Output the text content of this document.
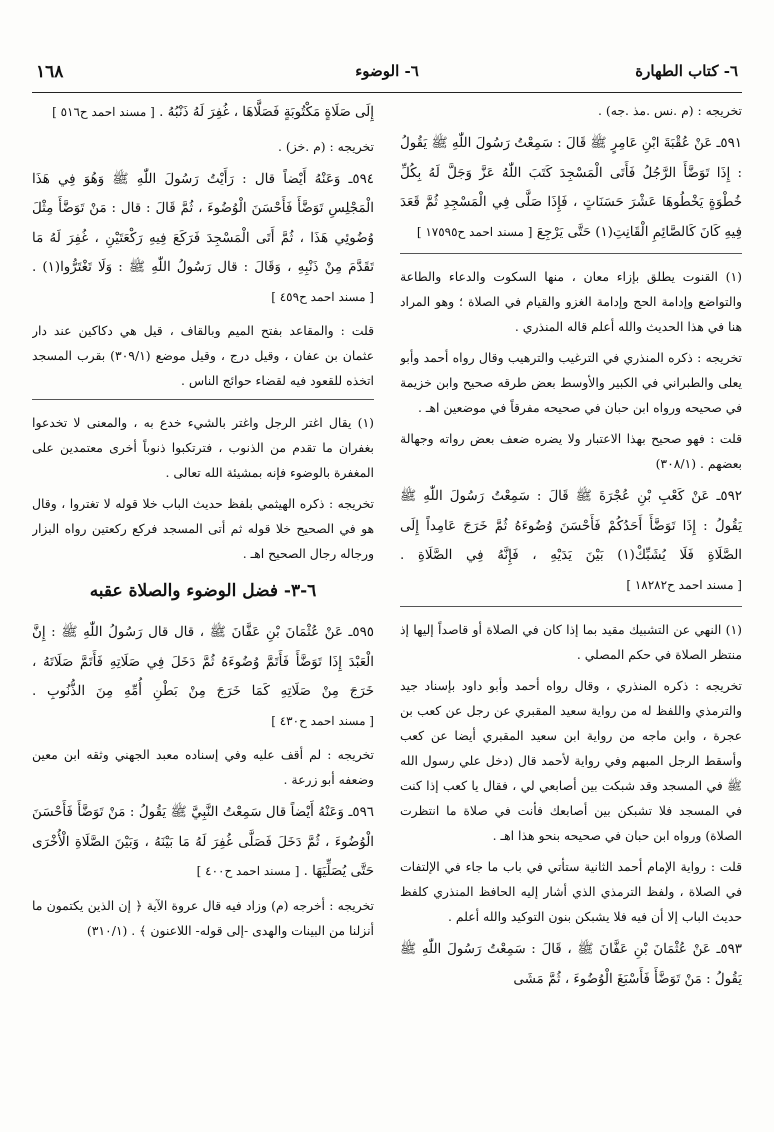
٦- كتاب الطهارة
٦- الوضوء
١٦٨

تخريجه : (م .نس .مذ .جه) .

٥٩١ـ عَنْ عُقْبَةَ ابْنِ عَامِرٍ ﷺ قَالَ : سَمِعْتُ رَسُولَ اللّٰهِ ﷺ يَقُولُ : إِذَا تَوَضَّأَ الرَّجُلُ فَأَتَى الْمَسْجِدَ كَتَبَ اللّٰهُ عَزَّ وَجَلَّ لَهُ بِكُلِّ خُطْوَةٍ يَخْطُوهَا عَشْرَ حَسَنَاتٍ ، فَإِذَا صَلَّى فِي الْمَسْجِدِ ثُمَّ قَعَدَ فِيهِ كَانَ كَالصَّائِمِ الْقَانِتِ(١) حَتَّى يَرْجِعَ [ مسند احمد ح١٧٥٩٥ ]

(١) القنوت يطلق بإزاء معان ، منها السكوت والدعاء والطاعة والتواضع وإدامة الحج وإدامة الغزو والقيام في الصلاة ؛ وهو المراد هنا في هذا الحديث والله أعلم قاله المنذري .

تخريجه : ذكره المنذري في الترغيب والترهيب وقال رواه أحمد وأبو يعلى والطبراني في الكبير والأوسط بعض طرقه صحيح وابن خزيمة في صحيحه ورواه ابن حبان في صحيحه مفرقاً في موضعين اهـ .

قلت : فهو صحيح بهذا الاعتبار ولا يضره ضعف بعض رواته وجهالة بعضهم . (٣٠٨/١)

٥٩٢ـ عَنْ كَعْبِ بْنِ عُجْرَةَ ﷺ قَالَ : سَمِعْتُ رَسُولَ اللّٰهِ ﷺ يَقُولُ : إِذَا تَوَضَّأَ أَحَدُكُمْ فَأَحْسَنَ وُضُوءَهُ ثُمَّ خَرَجَ عَامِداً إِلَى الصَّلَاةِ فَلَا يُشَبِّكْ(١) بَيْنَ يَدَيْهِ ، فَإِنَّهُ فِي الصَّلَاةِ . [ مسند احمد ح١٨٢٨٢ ]

(١) النهي عن التشبيك مقيد بما إذا كان في الصلاة أو قاصداً إليها إذ منتظر الصلاة في حكم المصلي .

تخريجه : ذكره المنذري ، وقال رواه أحمد وأبو داود بإسناد جيد والترمذي واللفظ له من رواية سعيد المقبري عن رجل عن كعب بن عجرة ، وابن ماجه من رواية ابن سعيد المقبري أيضا عن كعب وأسقط الرجل المبهم وفي رواية لأحمد قال (دخل علي رسول الله ﷺ في المسجد وقد شبكت بين أصابعي لي ، فقال يا كعب إذا كنت في المسجد فلا تشبكن بين أصابعك فأنت في صلاة ما انتظرت الصلاة) ورواه ابن حبان في صحيحه بنحو هذا اهـ .

قلت : رواية الإمام أحمد الثانية ستأتي في باب ما جاء في الإلتفات في الصلاة ، ولفظ الترمذي الذي أشار إليه الحافظ المنذري كلفظ حديث الباب إلا أن فيه فلا يشبكن بنون التوكيد والله أعلم .

٥٩٣ـ عَنْ عُثْمَانَ بْنِ عَفَّانَ ﷺ ، قَالَ : سَمِعْتُ رَسُولَ اللّٰهِ ﷺ يَقُولُ : مَنْ تَوَضَّأَ فَأَسْبَغَ الْوُضُوءَ ، ثُمَّ مَشَى

إِلَى صَلَاةٍ مَكْتُوبَةٍ فَصَلَّاهَا ، غُفِرَ لَهُ ذَنْبُهُ . [ مسند احمد ح٥١٦ ]

تخريجه : (م .خز) .

٥٩٤ـ وَعَنْهُ أَيْضاً قال : رَأَيْتُ رَسُولَ اللّٰهِ ﷺ وَهُوَ فِي هَذَا الْمَجْلِسِ تَوَضَّأَ فَأَحْسَنَ الْوُضُوءَ ، ثُمَّ قَالَ : قال : مَنْ تَوَضَّأَ مِثْلَ وُضُوئِي هَذَا ، ثُمَّ أَتَى الْمَسْجِدَ فَرَكَعَ فِيهِ رَكْعَتَيْنِ ، غُفِرَ لَهُ مَا تَقَدَّمَ مِنْ ذَنْبِهِ ، وَقَالَ : قال رَسُولُ اللّٰهِ ﷺ : وَلَا تَغْتَرُّوا(١) . [ مسند احمد ح٤٥٩ ]

قلت : والمقاعد بفتح الميم وبالقاف ، قيل هي دكاكين عند دار عثمان بن عفان ، وقيل درج ، وقيل موضع (٣٠٩/١) بقرب المسجد اتخذه للقعود فيه لقضاء حوائج الناس .

(١) يقال اغتر الرجل واغتر بالشيء خدع به ، والمعنى لا تخدعوا بغفران ما تقدم من الذنوب ، فترتكبوا ذنوباً أخرى معتمدين على المغفرة بالوضوء فإنه بمشيئة الله تعالى .

تخريجه : ذكره الهيثمي بلفظ حديث الباب خلا قوله لا تغتروا ، وقال هو في الصحيح خلا قوله ثم أتى المسجد فركع ركعتين رواه البزار ورجاله رجال الصحيح اهـ .

٦-٣- فضل الوضوء والصلاة عقبه

٥٩٥ـ عَنْ عُثْمَانَ بْنِ عَفَّانَ ﷺ ، قال قال رَسُولُ اللّٰهِ ﷺ : إِنَّ الْعَبْدَ إِذَا تَوَضَّأَ فَأَتَمَّ وُضُوءَهُ ثُمَّ دَخَلَ فِي صَلَاتِهِ فَأَتَمَّ صَلَاتَهُ ، خَرَجَ مِنْ صَلَاتِهِ كَمَا خَرَجَ مِنْ بَطْنِ أُمِّهِ مِنَ الذُّنُوبِ . [ مسند احمد ح٤٣٠ ]

تخريجه : لم أقف عليه وفي إسناده معبد الجهني وثقه ابن معين وضعفه أبو زرعة .

٥٩٦ـ وَعَنْهُ أَيْضاً قال سَمِعْتُ النَّبِيَّ ﷺ يَقُولُ : مَنْ تَوَضَّأَ فَأَحْسَنَ الْوُضُوءَ ، ثُمَّ دَخَلَ فَصَلَّى غُفِرَ لَهُ مَا بَيْنَهُ ، وَبَيْنَ الصَّلَاةِ الْأُخْرَى حَتَّى يُصَلِّيَهَا . [ مسند احمد ح٤٠٠ ]

تخريجه : أخرجه (م) وزاد فيه قال عروة الآية ﴿ إن الذين يكتمون ما أنزلنا من البينات والهدى -إلى قوله- اللاعنون ﴾ . (٣١٠/١)
